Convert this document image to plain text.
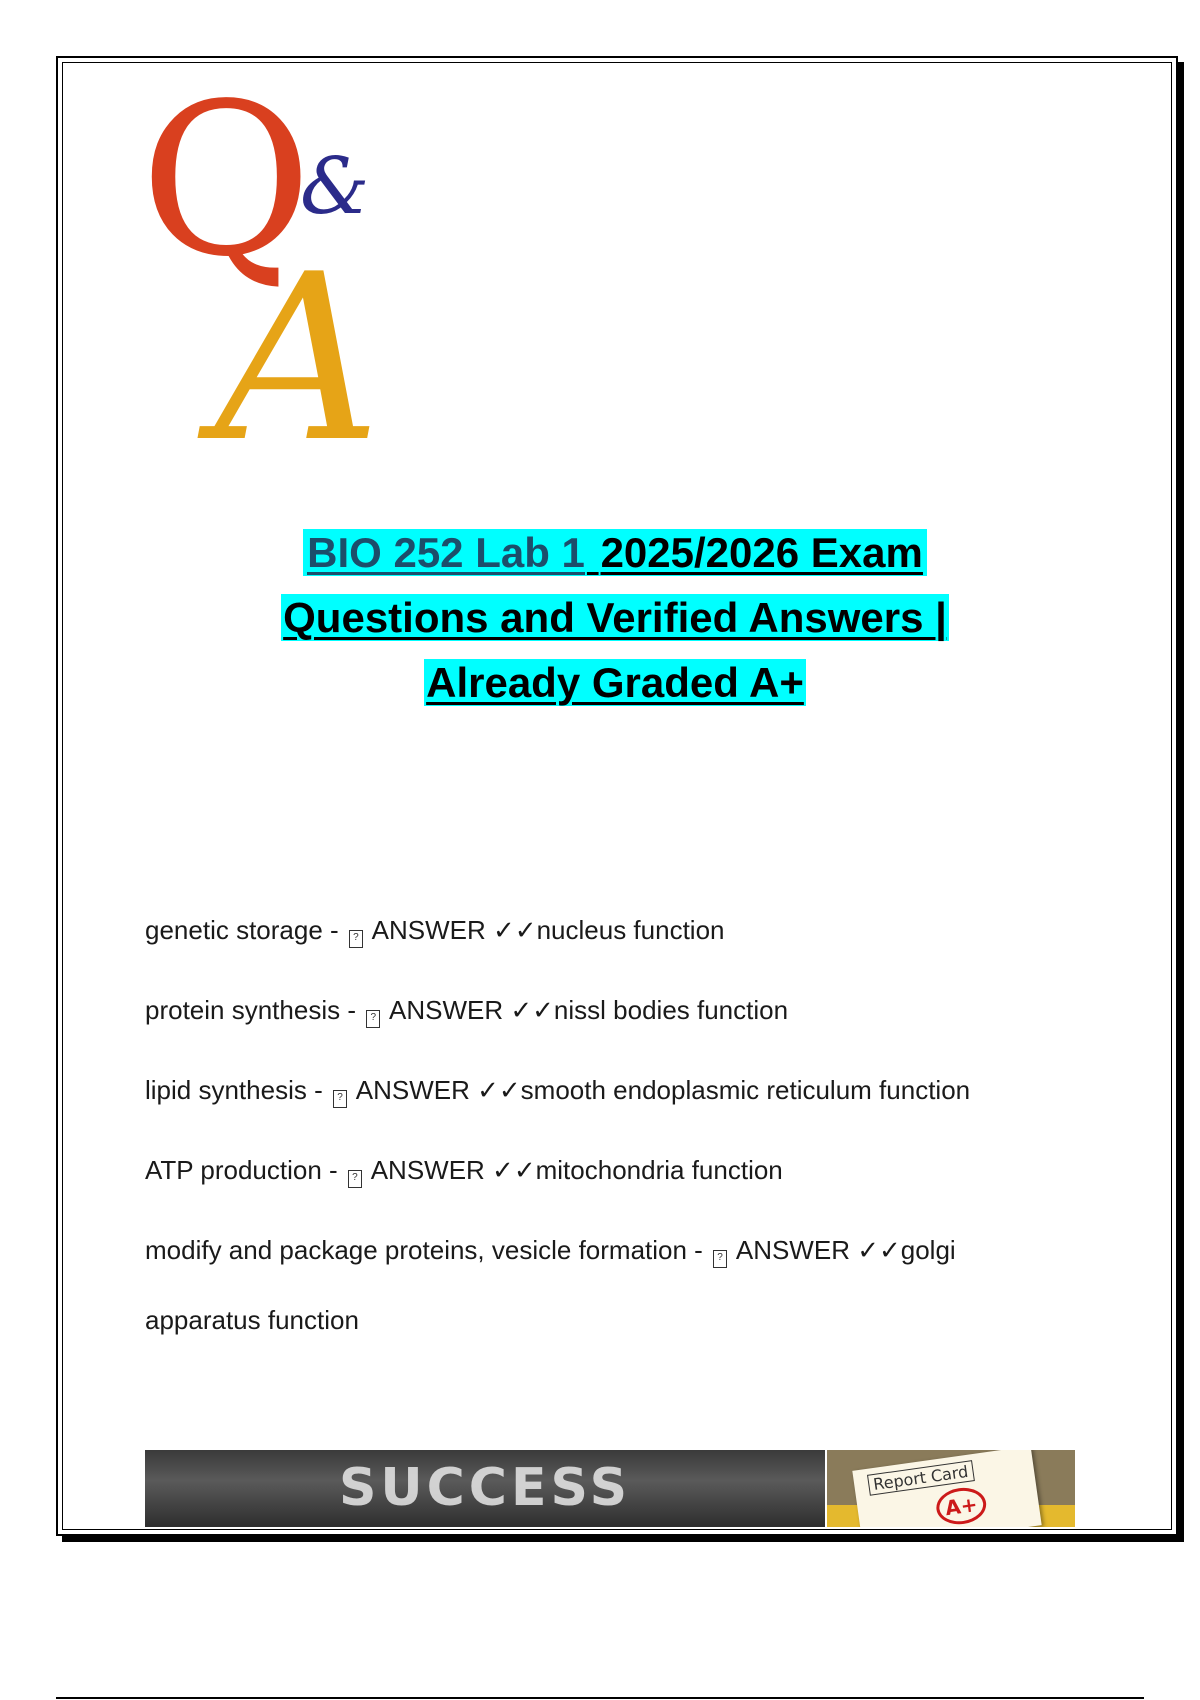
Q
&
A
BIO 252 Lab 1 2025/2026 Exam
Questions and Verified Answers |
Already Graded A+

genetic storage - ? ANSWER ✓✓nucleus function

protein synthesis - ? ANSWER ✓✓nissl bodies function

lipid synthesis - ? ANSWER ✓✓smooth endoplasmic reticulum function

ATP production - ? ANSWER ✓✓mitochondria function

modify and package proteins, vesicle formation - ? ANSWER ✓✓golgi apparatus function

SUCCESS	Report Card
A+
